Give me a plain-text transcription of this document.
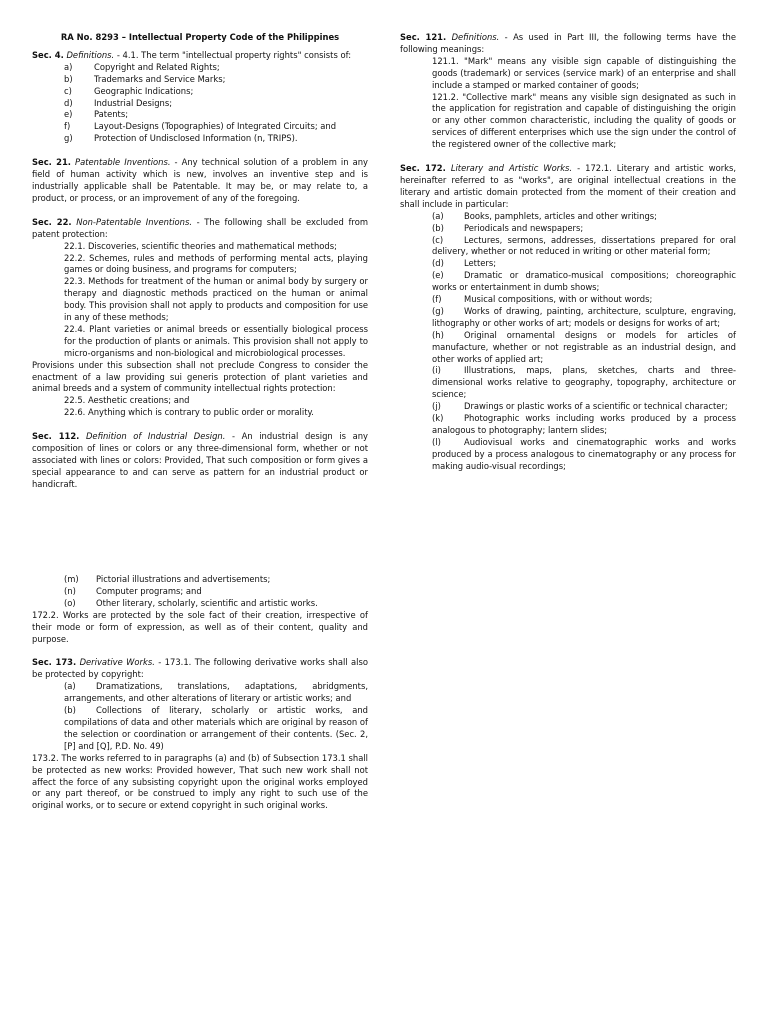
RA No. 8293 – Intellectual Property Code of the Philippines

Sec. 4. Definitions. - 4.1. The term "intellectual property rights" consists of:

a)	Copyright and Related Rights;
b)	Trademarks and Service Marks;
c)	Geographic Indications;
d)	Industrial Designs;
e)	Patents;
f)	Layout-Designs (Topographies) of Integrated Circuits; and
g)	Protection of Undisclosed Information (n, TRIPS).

Sec. 21. Patentable Inventions. - Any technical solution of a problem in any field of human activity which is new, involves an inventive step and is industrially applicable shall be Patentable. It may be, or may relate to, a product, or process, or an improvement of any of the foregoing.

Sec. 22. Non-Patentable Inventions. - The following shall be excluded from patent protection:

22.1. Discoveries, scientific theories and mathematical methods;

22.2. Schemes, rules and methods of performing mental acts, playing games or doing business, and programs for computers;

22.3. Methods for treatment of the human or animal body by surgery or therapy and diagnostic methods practiced on the human or animal body. This provision shall not apply to products and composition for use in any of these methods;

22.4. Plant varieties or animal breeds or essentially biological process for the production of plants or animals. This provision shall not apply to micro-organisms and non-biological and microbiological processes.

Provisions under this subsection shall not preclude Congress to consider the enactment of a law providing sui generis protection of plant varieties and animal breeds and a system of community intellectual rights protection:

22.5. Aesthetic creations; and

22.6. Anything which is contrary to public order or morality.

Sec. 112. Definition of Industrial Design. - An industrial design is any composition of lines or colors or any three-dimensional form, whether or not associated with lines or colors: Provided, That such composition or form gives a special appearance to and can serve as pattern for an industrial product or handicraft.

Sec. 121. Definitions. - As used in Part III, the following terms have the following meanings:

121.1. "Mark" means any visible sign capable of distinguishing the goods (trademark) or services (service mark) of an enterprise and shall include a stamped or marked container of goods;

121.2. "Collective mark" means any visible sign designated as such in the application for registration and capable of distinguishing the origin or any other common characteristic, including the quality of goods or services of different enterprises which use the sign under the control of the registered owner of the collective mark;

Sec. 172. Literary and Artistic Works. - 172.1. Literary and artistic works, hereinafter referred to as "works", are original intellectual creations in the literary and artistic domain protected from the moment of their creation and shall include in particular:

(a) Books, pamphlets, articles and other writings;

(b) Periodicals and newspapers;

(c) Lectures, sermons, addresses, dissertations prepared for oral delivery, whether or not reduced in writing or other material form;

(d) Letters;

(e) Dramatic or dramatico-musical compositions; choreographic works or entertainment in dumb shows;

(f)	Musical compositions, with or without words;

(g) Works of drawing, painting, architecture, sculpture, engraving, lithography or other works of art; models or designs for works of art;

(h) Original ornamental designs or models for articles of manufacture, whether or not registrable as an industrial design, and other works of applied art;

(i)	Illustrations, maps, plans, sketches, charts and three-dimensional works relative to geography, topography, architecture or science;

(j)	Drawings or plastic works of a scientific or technical character;

(k) Photographic works including works produced by a process analogous to photography; lantern slides;

(l)	Audiovisual works and cinematographic works and works produced by a process analogous to cinematography or any process for making audio-visual recordings;

(m) Pictorial illustrations and advertisements;

(n) Computer programs; and

(o) Other literary, scholarly, scientific and artistic works.

172.2. Works are protected by the sole fact of their creation, irrespective of their mode or form of expression, as well as of their content, quality and purpose.

Sec. 173. Derivative Works. - 173.1. The following derivative works shall also be protected by copyright:

(a) Dramatizations, translations, adaptations, abridgments, arrangements, and other alterations of literary or artistic works; and

(b) Collections of literary, scholarly or artistic works, and compilations of data and other materials which are original by reason of the selection or coordination or arrangement of their contents. (Sec. 2, [P] and [Q], P.D. No. 49)

173.2. The works referred to in paragraphs (a) and (b) of Subsection 173.1 shall be protected as new works: Provided however, That such new work shall not affect the force of any subsisting copyright upon the original works employed or any part thereof, or be construed to imply any right to such use of the original works, or to secure or extend copyright in such original works.
